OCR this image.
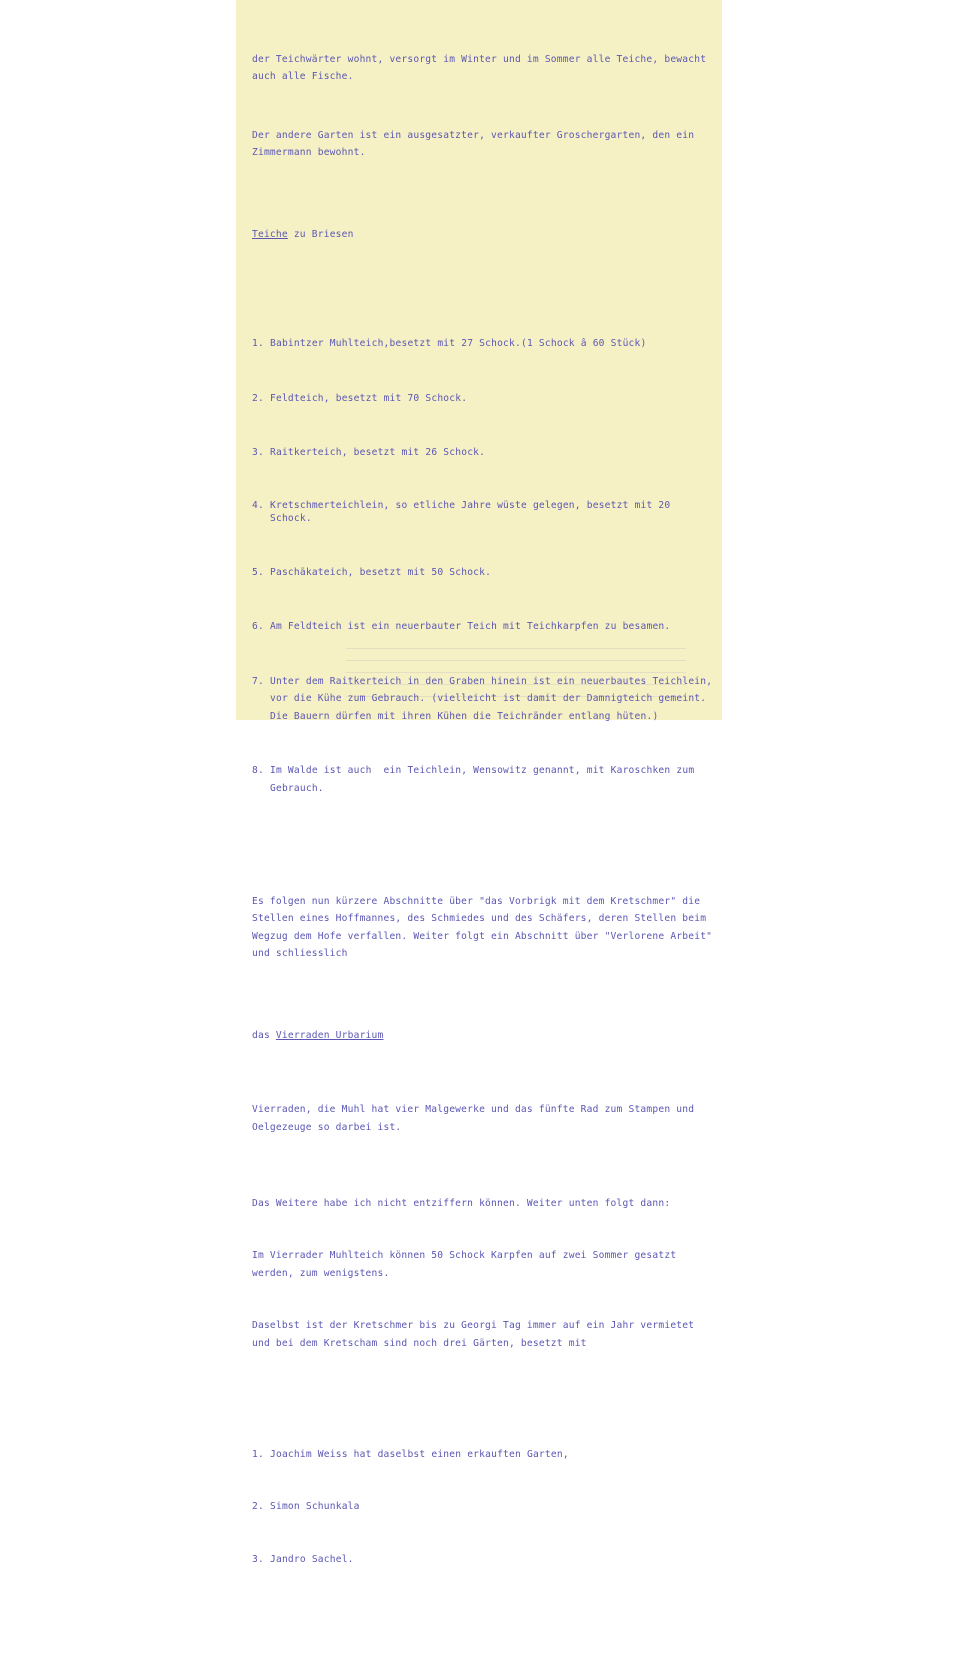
der Teichwärter wohnt, versorgt im Winter und im Sommer alle Teiche, bewacht auch alle Fische.

Der andere Garten ist ein ausgesatzter, verkaufter Groschergarten, den ein Zimmermann bewohnt.

Teiche zu Briesen

1. Babintzer Muhlteich,besetzt mit 27 Schock.(1 Schock â 60 Stück)

2. Feldteich, besetzt mit 70 Schock.

3. Raitkerteich, besetzt mit 26 Schock.

4. Kretschmerteichlein, so etliche Jahre wüste gelegen, besetzt mit 20 Schock.

5. Paschäkateich, besetzt mit 50 Schock.

6. Am Feldteich ist ein neuerbauter Teich mit Teichkarpfen zu besamen.

7. Unter dem Raitkerteich in den Graben hinein ist ein neuerbautes Teichlein, vor die Kühe zum Gebrauch. (vielleicht ist damit der Damnigteich gemeint. Die Bauern dürfen mit ihren Kühen die Teichränder entlang hüten.)

8. Im Walde ist auch  ein Teichlein, Wensowitz genannt, mit Karoschken zum Gebrauch.

Es folgen nun kürzere Abschnitte über "das Vorbrigk mit dem Kretschmer" die Stellen eines Hoffmannes, des Schmiedes und des Schäfers, deren Stellen beim Wegzug dem Hofe verfallen. Weiter folgt ein Abschnitt über "Verlorene Arbeit" und schliesslich

das Vierraden Urbarium

Vierraden, die Muhl hat vier Malgewerke und das fünfte Rad zum Stampen und Oelgezeuge so darbei ist.

Das Weitere habe ich nicht entziffern können. Weiter unten folgt dann:

Im Vierrader Muhlteich können 50 Schock Karpfen auf zwei Sommer gesatzt werden, zum wenigstens.

Daselbst ist der Kretschmer bis zu Georgi Tag immer auf ein Jahr vermietet und bei dem Kretscham sind noch drei Gärten, besetzt mit

1. Joachim Weiss hat daselbst einen erkauften Garten,

2. Simon Schunkala

3. Jandro Sachel.
